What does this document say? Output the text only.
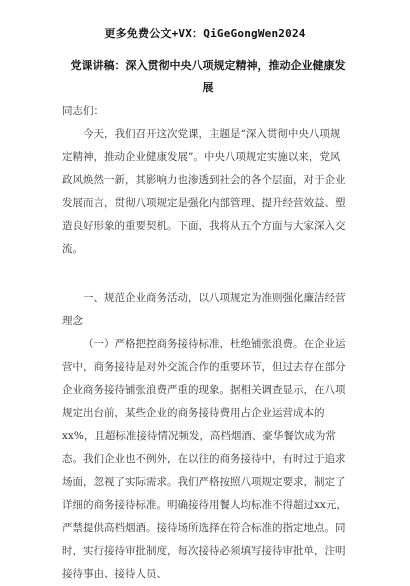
更多免费公文+VX：QiGeGongWen2024
党课讲稿：深入贯彻中央八项规定精神，推动企业健康发展

同志们：

今天，我们召开这次党课，主题是“深入贯彻中央八项规定精神，推动企业健康发展”。中央八项规定实施以来，党风政风焕然一新，其影响力也渗透到社会的各个层面，对于企业发展而言，贯彻八项规定是强化内部管理、提升经营效益、塑造良好形象的重要契机。下面，我将从五个方面与大家深入交流。

一、规范企业商务活动，以八项规定为准则强化廉洁经营理念

（一）严格把控商务接待标准，杜绝铺张浪费。在企业运营中，商务接待是对外交流合作的重要环节，但过去存在部分企业商务接待铺张浪费严重的现象。据相关调查显示，在八项规定出台前，某些企业的商务接待费用占企业运营成本的xx%，且超标准接待情况频发，高档烟酒、豪华餐饮成为常态。我们企业也不例外，在以往的商务接待中，有时过于追求场面，忽视了实际需求。我们严格按照八项规定要求，制定了详细的商务接待标准。明确接待用餐人均标准不得超过xx元，严禁提供高档烟酒。接待场所选择在符合标准的指定地点。同时，实行接待审批制度，每次接待必须填写接待审批单，注明接待事由、接待人员、
